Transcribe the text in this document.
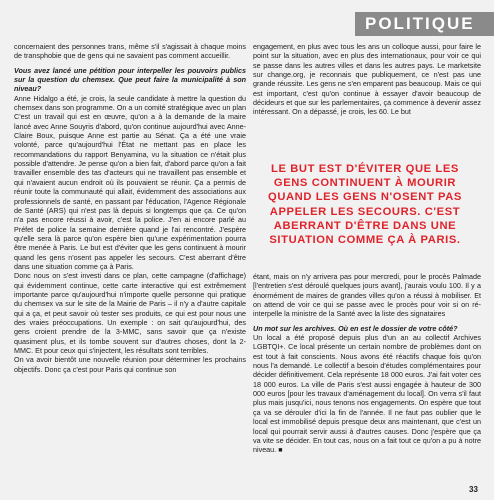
POLITIQUE

concernaient des personnes trans, même s'il s'agissait à chaque moins de transphobie que de gens qui ne savaient pas comment accueillir.

Vous avez lancé une pétition pour interpeller les pouvoirs publics sur la question du chemsex. Que peut faire la municipalité à son niveau?

Anne Hidalgo a été, je crois, la seule candidate à mettre la question du chemsex dans son programme. On a un comité stratégique avec un plan C'est un travail qui est en œuvre, qu'on a à la demande de la maire lancé avec Anne Souyris d'abord, qu'on continue aujourd'hui avec Anne-Claire Boux, puisque Anne est partie au Sénat. Ça a été une vraie volonté, parce qu'aujourd'hui l'État ne mettant pas en place les recommandations du rapport Benyamina, vu la situation ce n'était plus possible d'attendre. Je pense qu'on a bien fait, d'abord parce qu'on a fait travailler ensemble des tas d'acteurs qui ne travaillent pas ensemble et qui n'avaient aucun endroit où ils pouvaient se réunir. Ça a permis de réunir toute la communauté qui allait, évidemment des associations aux professionnels de santé, en passant par l'éducation, l'Agence Régionale de Santé (ARS) qui n'est pas là depuis si longtemps que ça. Ce qu'on n'a pas encore réussi à avoir, c'est la police. J'en ai encore parlé au Préfet de police la semaine dernière quand je l'ai rencontré. J'espère qu'elle sera là parce qu'on espère bien qu'une expérimentation pourra être menée à Paris. Le but est d'éviter que les gens continuent à mourir quand les gens n'osent pas appeler les secours. C'est aberrant d'être dans une situation comme ça à Paris.

Donc nous on s'est investi dans ce plan, cette campagne (d'affichage) qui évidemment continue, cette carte interactive qui est extrêmement importante parce qu'aujourd'hui n'importe quelle personne qui pratique du chemsex va sur le site de la Mairie de Paris – il n'y a d'autre capitale qui a ça, et peut savoir où tester ses produits, ce qui est pour nous une des vraies préoccupations. Un exemple : on sait qu'aujourd'hui, des gens croient prendre de la 3-MMC, sans savoir que ça n'existe quasiment plus, et ils tombe souvent sur d'autres choses, dont la 2-MMC. Et pour ceux qui s'injectent, les résultats sont terribles.

On va avoir bientôt une nouvelle réunion pour déterminer les prochains objectifs. Donc ça c'est pour Paris qui continue son

engagement, en plus avec tous les ans un colloque aussi, pour faire le point sur la situation, avec en plus des internationaux, pour voir ce qui se passe dans les autres villes et dans les autres pays. Le marketsite sur change.org, je reconnais que publiquement, ce n'est pas une grande réussite. Les gens ne s'en emparent pas beaucoup. Mais ce qui est important, c'est qu'on continue à essayer d'avoir beaucoup de décideurs et que sur les parlementaires, ça commence à devenir assez intéressant. On a dépassé, je crois, les 60. Le but

LE BUT EST D'ÉVITER QUE LES GENS CONTINUENT À MOURIR QUAND LES GENS N'OSENT PAS APPELER LES SECOURS. C'EST ABERRANT D'ÊTRE DANS UNE SITUATION COMME ÇA À PARIS.

étant, mais on n'y arrivera pas pour mercredi, pour le procès Palmade [l'entretien s'est déroulé quelques jours avant], j'aurais voulu 100. Il y a énormément de maires de grandes villes qu'on a réussi à mobiliser. Et on attend de voir ce qui se passe avec le procès pour voir si on ré-interpelle la ministre de la Santé avec la liste des signataires

Un mot sur les archives. Où en est le dossier de votre côté?

Un local a été proposé depuis plus d'un an au collectif Archives LGBTQI+. Ce local présente un certain nombre de problèmes dont on est tout à fait conscients. Nous avons été réactifs chaque fois qu'on nous l'a demandé. Le collectif a besoin d'études complémentaires pour décider définitivement. Cela représente 18 000 euros. J'ai fait voter ces 18 000 euros. La ville de Paris s'est aussi engagée à hauteur de 300 000 euros [pour les travaux d'aménagement du local]. On verra s'il faut plus mais jusqu'ici, nous tenons nos engagements. On espère que tout ça va se dérouler d'ici la fin de l'année. Il ne faut pas oublier que le local est immobilisé depuis presque deux ans maintenant, que c'est un local qui pourrait servir aussi à d'autres causes. Donc j'espère que ça va vite se décider. En tout cas, nous on a fait tout ce qu'on a pu à notre niveau. ■

33
